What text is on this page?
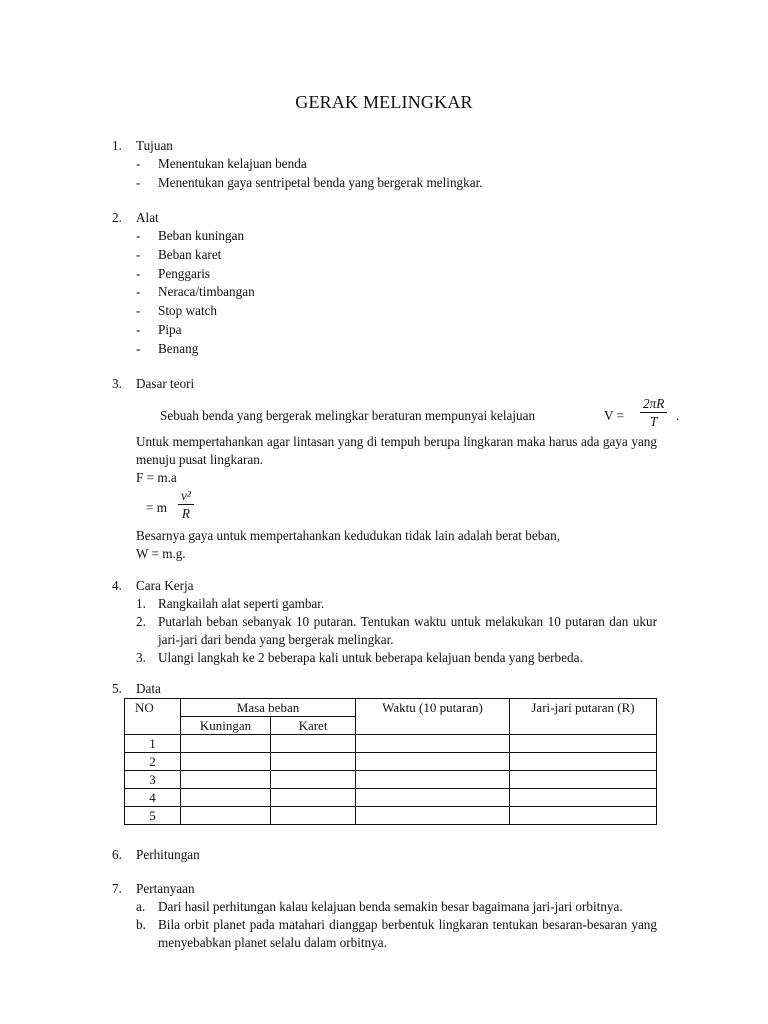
GERAK MELINGKAR
1. Tujuan
- Menentukan kelajuan benda
- Menentukan gaya sentripetal benda yang bergerak melingkar.
2. Alat
- Beban kuningan
- Beban karet
- Penggaris
- Neraca/timbangan
- Stop watch
- Pipa
- Benang
3. Dasar teori
Sebuah benda yang bergerak melingkar beraturan mempunyai kelajuan	$V = \frac{2\pi R}{T}$ .
Untuk mempertahankan agar lintasan yang di tempuh berupa lingkaran maka harus ada gaya yang menuju pusat lingkaran.
F = m.a
= m $\frac{\text{v²}}{R}$
Besarnya gaya untuk mempertahankan kedudukan tidak lain adalah berat beban,
W = m.g.
4. Cara Kerja
1. Rangkailah alat seperti gambar.
2. Putarlah beban sebanyak 10 putaran. Tentukan waktu untuk melakukan 10 putaran dan ukur jari-jari dari benda yang bergerak melingkar.
3. Ulangi langkah ke 2 beberapa kali untuk beberapa kelajuan benda yang berbeda.
5. Data
NO	Masa beban		Waktu (10 putaran)	Jari-jari putaran (R)
	Kuningan	Karet		
1				
2				
3				
4				
5				
6. Perhitungan
7. Pertanyaan
a. Dari hasil perhitungan kalau kelajuan benda semakin besar bagaimana jari-jari orbitnya.
b. Bila orbit planet pada matahari dianggap berbentuk lingkaran tentukan besaran-besaran yang menyebabkan planet selalu dalam orbitnya.
